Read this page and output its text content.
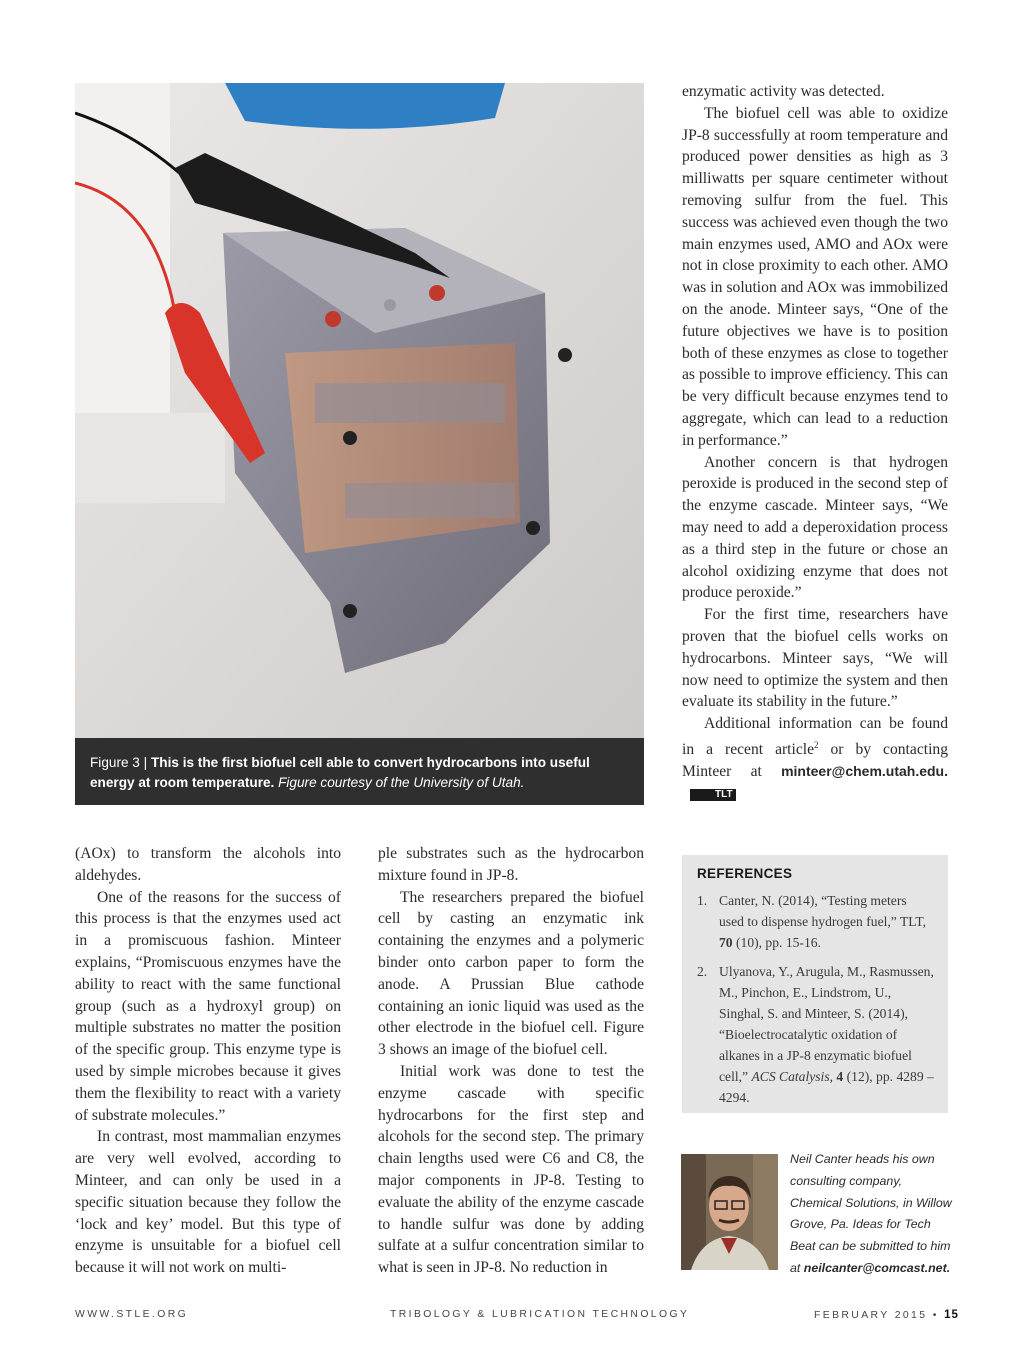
Figure 3 | This is the first biofuel cell able to convert hydrocarbons into useful energy at room temperature. Figure courtesy of the University of Utah.

enzymatic activity was detected.

The biofuel cell was able to oxidize JP-8 successfully at room temperature and produced power densities as high as 3 milliwatts per square centimeter without removing sulfur from the fuel. This success was achieved even though the two main enzymes used, AMO and AOx were not in close proximity to each other. AMO was in solution and AOx was immobilized on the anode. Minteer says, “One of the future objectives we have is to position both of these enzymes as close to together as possible to improve efficiency. This can be very difficult because enzymes tend to aggregate, which can lead to a reduction in performance.”

Another concern is that hydrogen peroxide is produced in the second step of the enzyme cascade. Minteer says, “We may need to add a deperoxidation process as a third step in the future or chose an alcohol oxidizing enzyme that does not produce peroxide.”

For the first time, researchers have proven that the biofuel cells works on hydrocarbons. Minteer says, “We will now need to optimize the system and then evaluate its stability in the future.”

Additional information can be found in a recent article$^2$ or by contacting Minteer at minteer@chem.utah.edu.TLT

(AOx) to transform the alcohols into aldehydes.

One of the reasons for the success of this process is that the enzymes used act in a promiscuous fashion. Minteer explains, “Promiscuous enzymes have the ability to react with the same functional group (such as a hydroxyl group) on multiple substrates no matter the position of the specific group. This enzyme type is used by simple microbes because it gives them the flexibility to react with a variety of substrate molecules.”

In contrast, most mammalian enzymes are very well evolved, according to Minteer, and can only be used in a specific situation because they follow the ‘lock and key’ model. But this type of enzyme is unsuitable for a biofuel cell because it will not work on multi-

ple substrates such as the hydrocarbon mixture found in JP-8.

The researchers prepared the biofuel cell by casting an enzymatic ink containing the enzymes and a polymeric binder onto carbon paper to form the anode. A Prussian Blue cathode containing an ionic liquid was used as the other electrode in the biofuel cell. Figure 3 shows an image of the biofuel cell.

Initial work was done to test the enzyme cascade with specific hydrocarbons for the first step and alcohols for the second step. The primary chain lengths used were C6 and C8, the major components in JP-8. Testing to evaluate the ability of the enzyme cascade to handle sulfur was done by adding sulfate at a sulfur concentration similar to what is seen in JP-8. No reduction in

REFERENCES
1. Canter, N. (2014), “Testing meters used to dispense hydrogen fuel,” TLT, 70 (10), pp. 15-16.
2. Ulyanova, Y., Arugula, M., Rasmussen, M., Pinchon, E., Lindstrom, U., Singhal, S. and Minteer, S. (2014), “Bioelectrocatalytic oxidation of alkanes in a JP-8 enzymatic biofuel cell,” ACS Catalysis, 4 (12), pp. 4289 – 4294.
Neil Canter heads his own consulting company, Chemical Solutions, in Willow Grove, Pa. Ideas for Tech Beat can be submitted to him at neilcanter@comcast.net.
WWW.STLE.ORG	TRIBOLOGY & LUBRICATION TECHNOLOGY	FEBRUARY 2015 • 15
